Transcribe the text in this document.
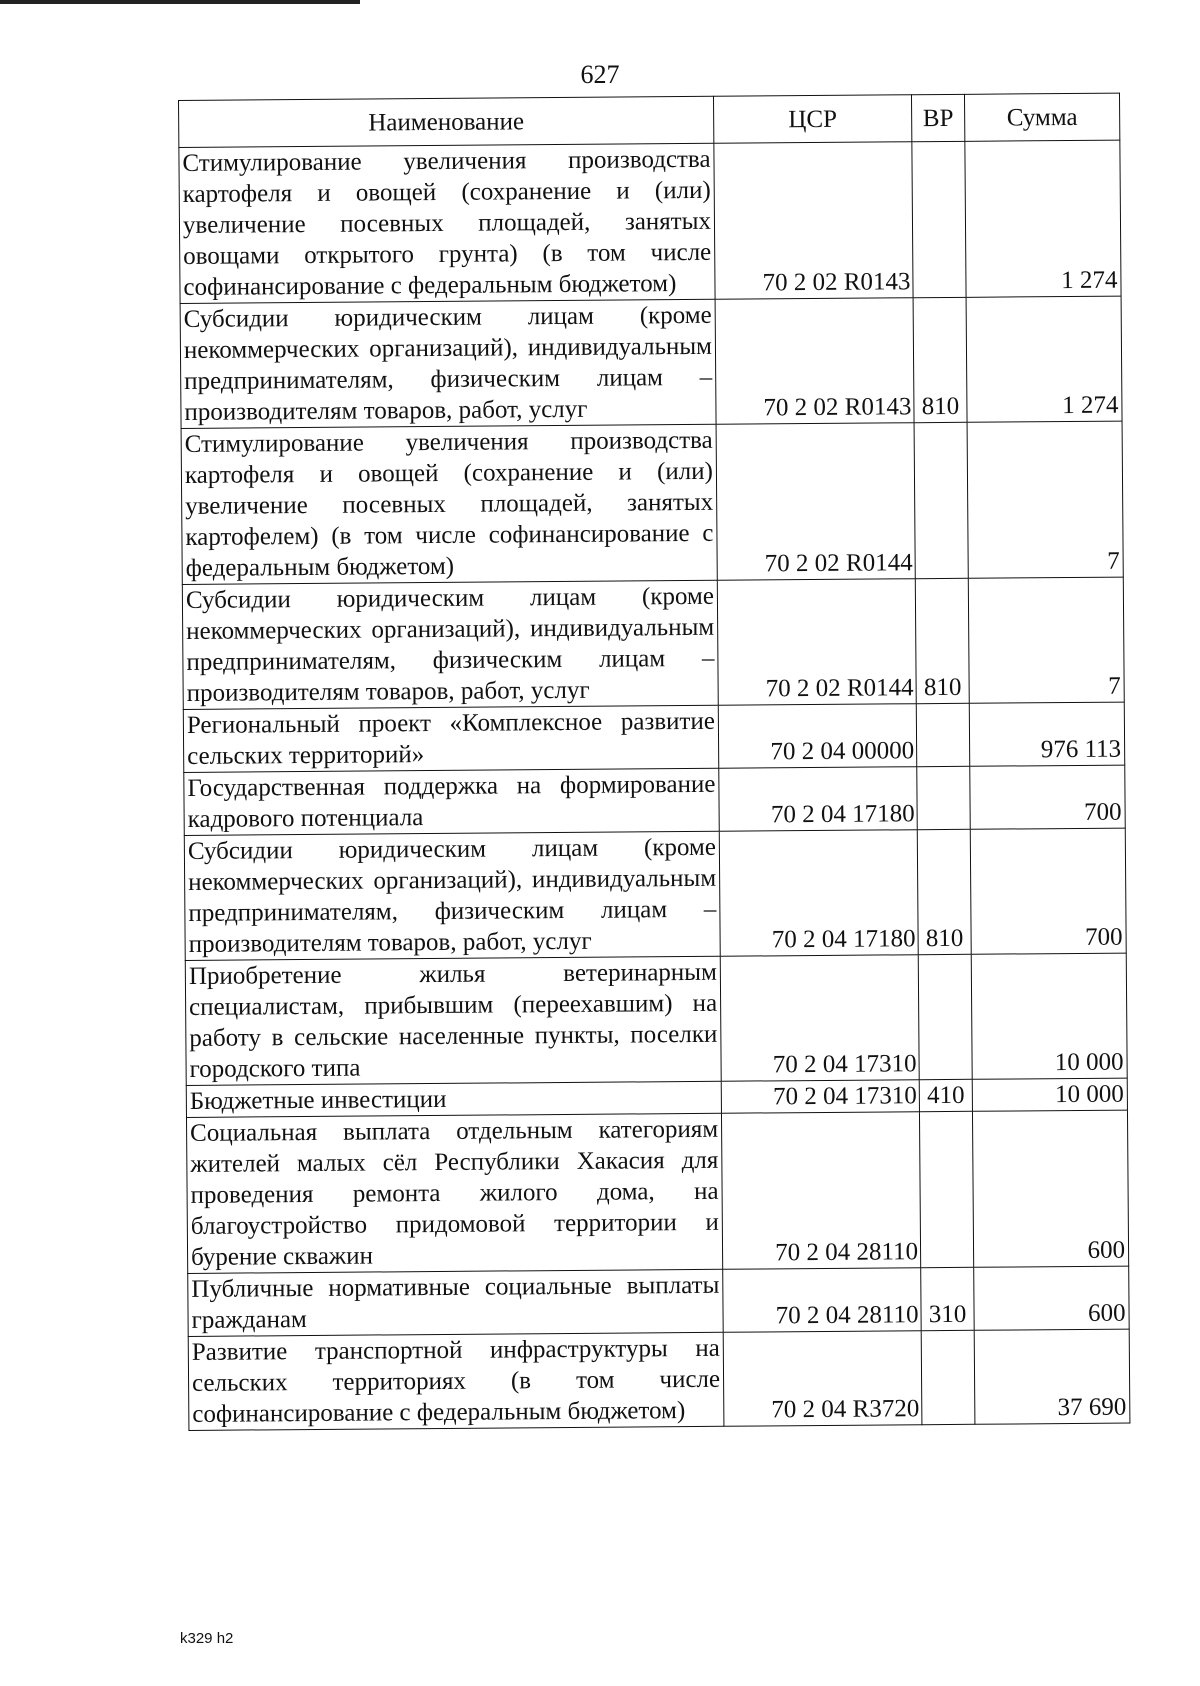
627
Наименование	ЦСР	ВР	Сумма
Стимулирование увеличения производства картофеля и овощей (сохранение и (или) увеличение посевных площадей, занятых овощами открытого грунта) (в том числе софинансирование с федеральным бюджетом)	70 2 02 R0143		1 274
Субсидии юридическим лицам (кроме некоммерческих организаций), индивидуальным предпринимателям, физическим лицам – производителям товаров, работ, услуг	70 2 02 R0143	810	1 274
Стимулирование увеличения производства картофеля и овощей (сохранение и (или) увеличение посевных площадей, занятых картофелем) (в том числе софинансирование с федеральным бюджетом)	70 2 02 R0144		7
Субсидии юридическим лицам (кроме некоммерческих организаций), индивидуальным предпринимателям, физическим лицам – производителям товаров, работ, услуг	70 2 02 R0144	810	7
Региональный проект «Комплексное развитие сельских территорий»	70 2 04 00000		976 113
Государственная поддержка на формирование кадрового потенциала	70 2 04 17180		700
Субсидии юридическим лицам (кроме некоммерческих организаций), индивидуальным предпринимателям, физическим лицам – производителям товаров, работ, услуг	70 2 04 17180	810	700
Приобретение жилья ветеринарным специалистам, прибывшим (переехавшим) на работу в сельские населенные пункты, поселки городского типа	70 2 04 17310		10 000
Бюджетные инвестиции	70 2 04 17310	410	10 000
Социальная выплата отдельным категориям жителей малых сёл Республики Хакасия для проведения ремонта жилого дома, на благоустройство придомовой территории и бурение скважин	70 2 04 28110		600
Публичные нормативные социальные выплаты гражданам	70 2 04 28110	310	600
Развитие транспортной инфраструктуры на сельских территориях (в том числе софинансирование с федеральным бюджетом)	70 2 04 R3720		37 690
k329 h2
